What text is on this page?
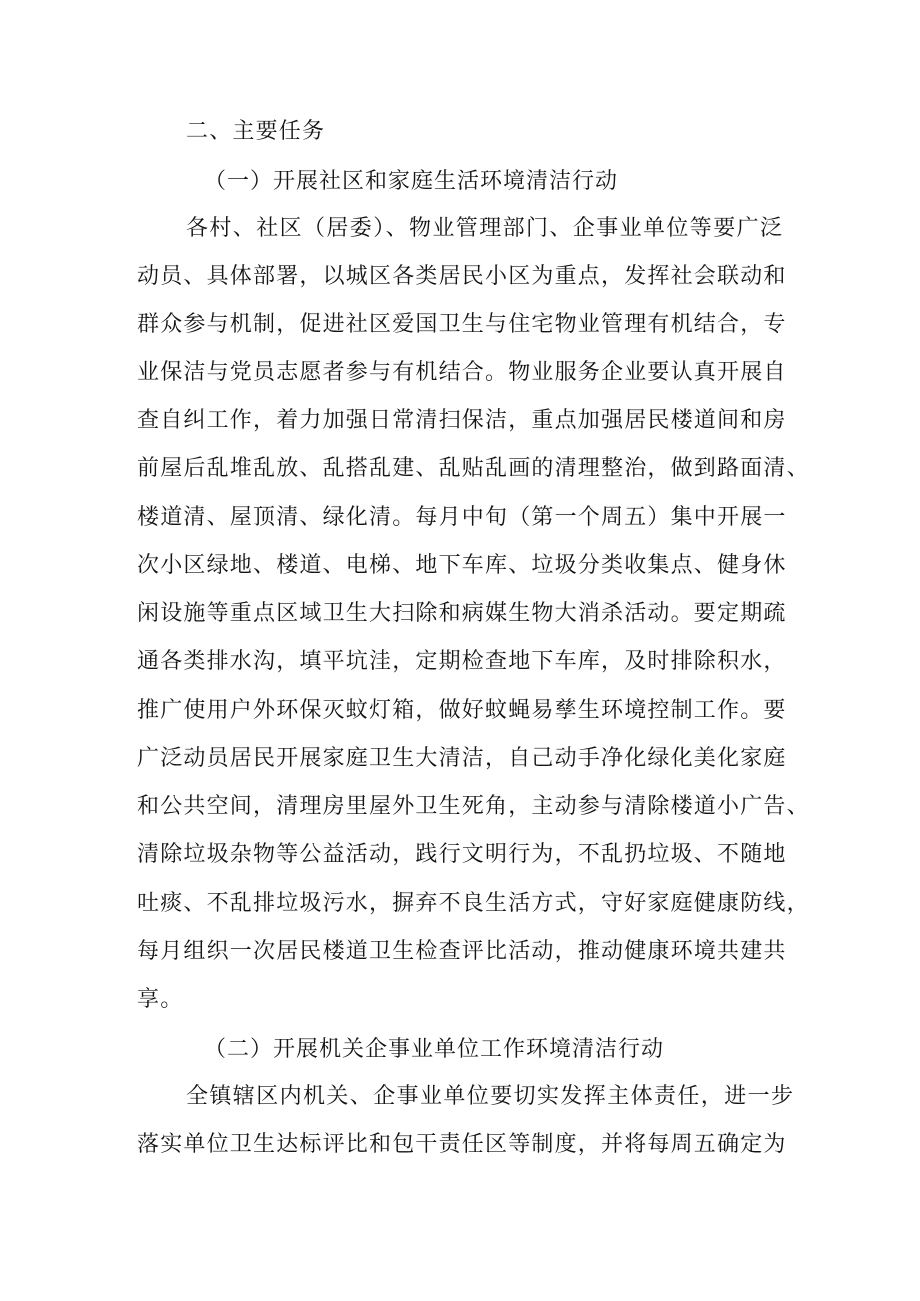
二、主要任务
（一）开展社区和家庭生活环境清洁行动
各村、社区（居委）、物业管理部门、企事业单位等要广泛
动员、具体部署，以城区各类居民小区为重点，发挥社会联动和
群众参与机制，促进社区爱国卫生与住宅物业管理有机结合，专
业保洁与党员志愿者参与有机结合。物业服务企业要认真开展自
查自纠工作，着力加强日常清扫保洁，重点加强居民楼道间和房
前屋后乱堆乱放、乱搭乱建、乱贴乱画的清理整治，做到路面清、
楼道清、屋顶清、绿化清。每月中旬（第一个周五）集中开展一
次小区绿地、楼道、电梯、地下车库、垃圾分类收集点、健身休
闲设施等重点区域卫生大扫除和病媒生物大消杀活动。要定期疏
通各类排水沟，填平坑洼，定期检查地下车库，及时排除积水，
推广使用户外环保灭蚊灯箱，做好蚊蝇易孳生环境控制工作。要
广泛动员居民开展家庭卫生大清洁，自己动手净化绿化美化家庭
和公共空间，清理房里屋外卫生死角，主动参与清除楼道小广告、
清除垃圾杂物等公益活动，践行文明行为，不乱扔垃圾、不随地
吐痰、不乱排垃圾污水，摒弃不良生活方式，守好家庭健康防线，
每月组织一次居民楼道卫生检查评比活动，推动健康环境共建共
享。
（二）开展机关企事业单位工作环境清洁行动
全镇辖区内机关、企事业单位要切实发挥主体责任，进一步
落实单位卫生达标评比和包干责任区等制度，并将每周五确定为
